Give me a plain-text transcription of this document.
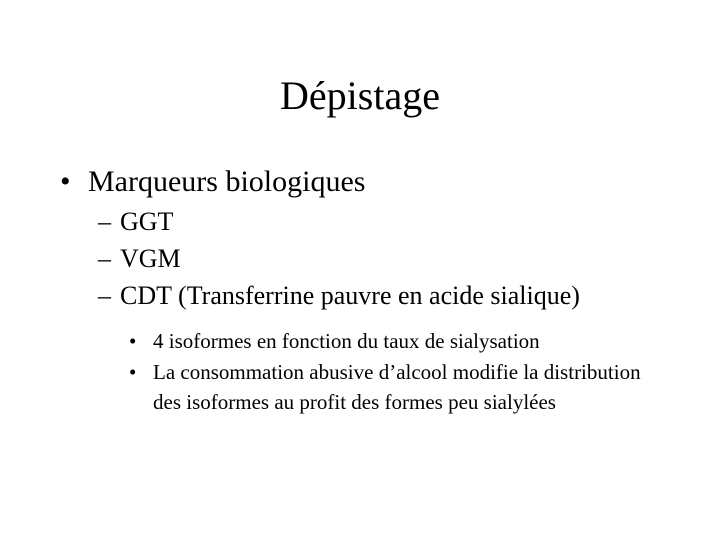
Dépistage
• Marqueurs biologiques
– GGT
– VGM
– CDT (Transferrine pauvre en acide sialique)
• 4 isoformes en fonction du taux de sialysation
• La consommation abusive d’alcool modifie la distribution des isoformes au profit des formes peu sialylées
